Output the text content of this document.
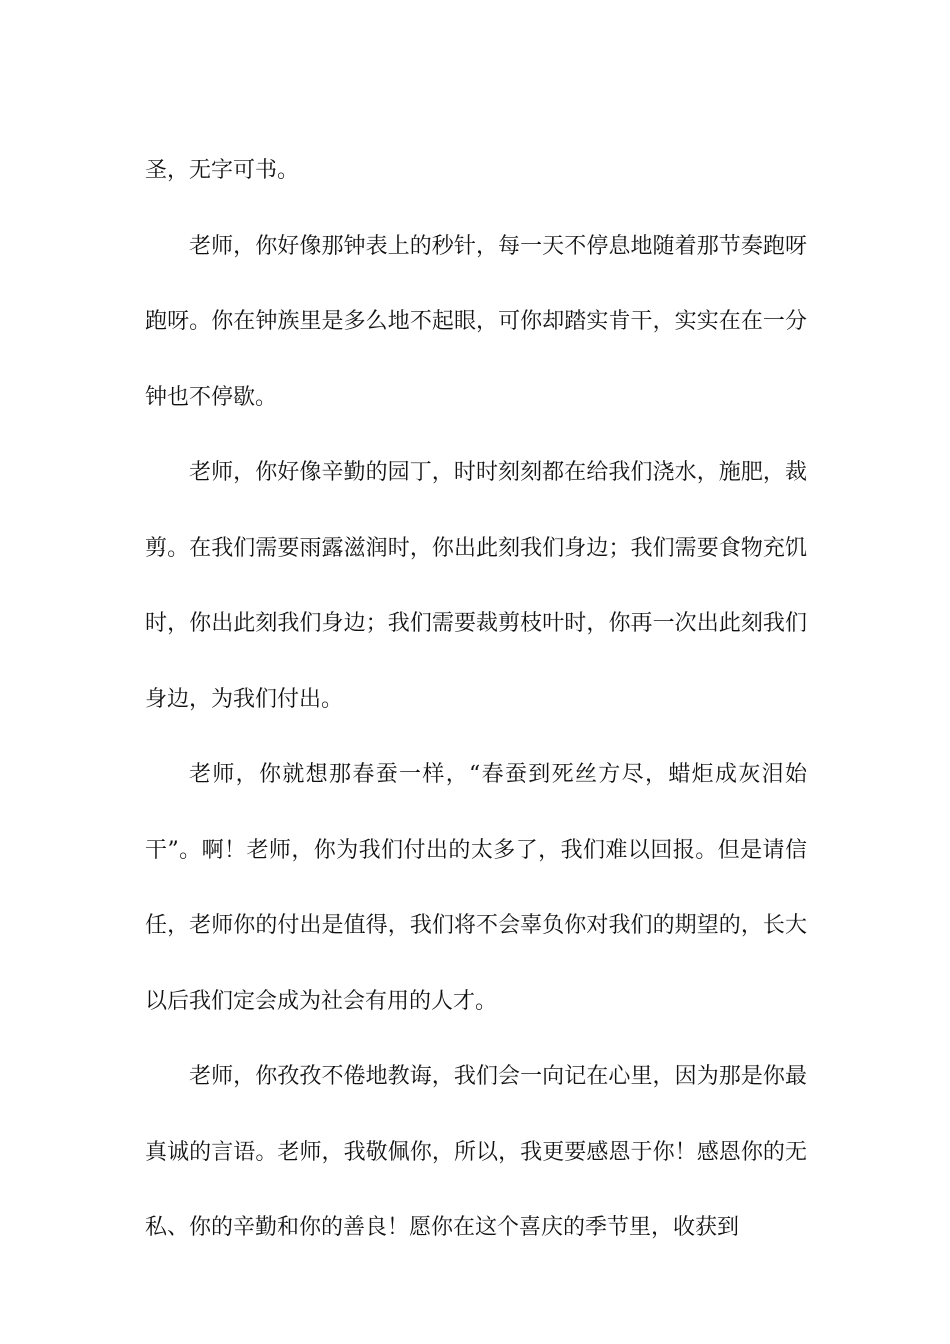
圣，无字可书。

老师，你好像那钟表上的秒针，每一天不停息地随着那节奏跑呀跑呀。你在钟族里是多么地不起眼，可你却踏实肯干，实实在在一分钟也不停歇。

老师，你好像辛勤的园丁，时时刻刻都在给我们浇水，施肥，裁剪。在我们需要雨露滋润时，你出此刻我们身边；我们需要食物充饥时，你出此刻我们身边；我们需要裁剪枝叶时，你再一次出此刻我们身边，为我们付出。

老师，你就想那春蚕一样，“春蚕到死丝方尽，蜡炬成灰泪始干”。啊！老师，你为我们付出的太多了，我们难以回报。但是请信任，老师你的付出是值得，我们将不会辜负你对我们的期望的，长大以后我们定会成为社会有用的人才。

老师，你孜孜不倦地教诲，我们会一向记在心里，因为那是你最真诚的言语。老师，我敬佩你，所以，我更要感恩于你！感恩你的无私、你的辛勤和你的善良！愿你在这个喜庆的季节里，收获到
